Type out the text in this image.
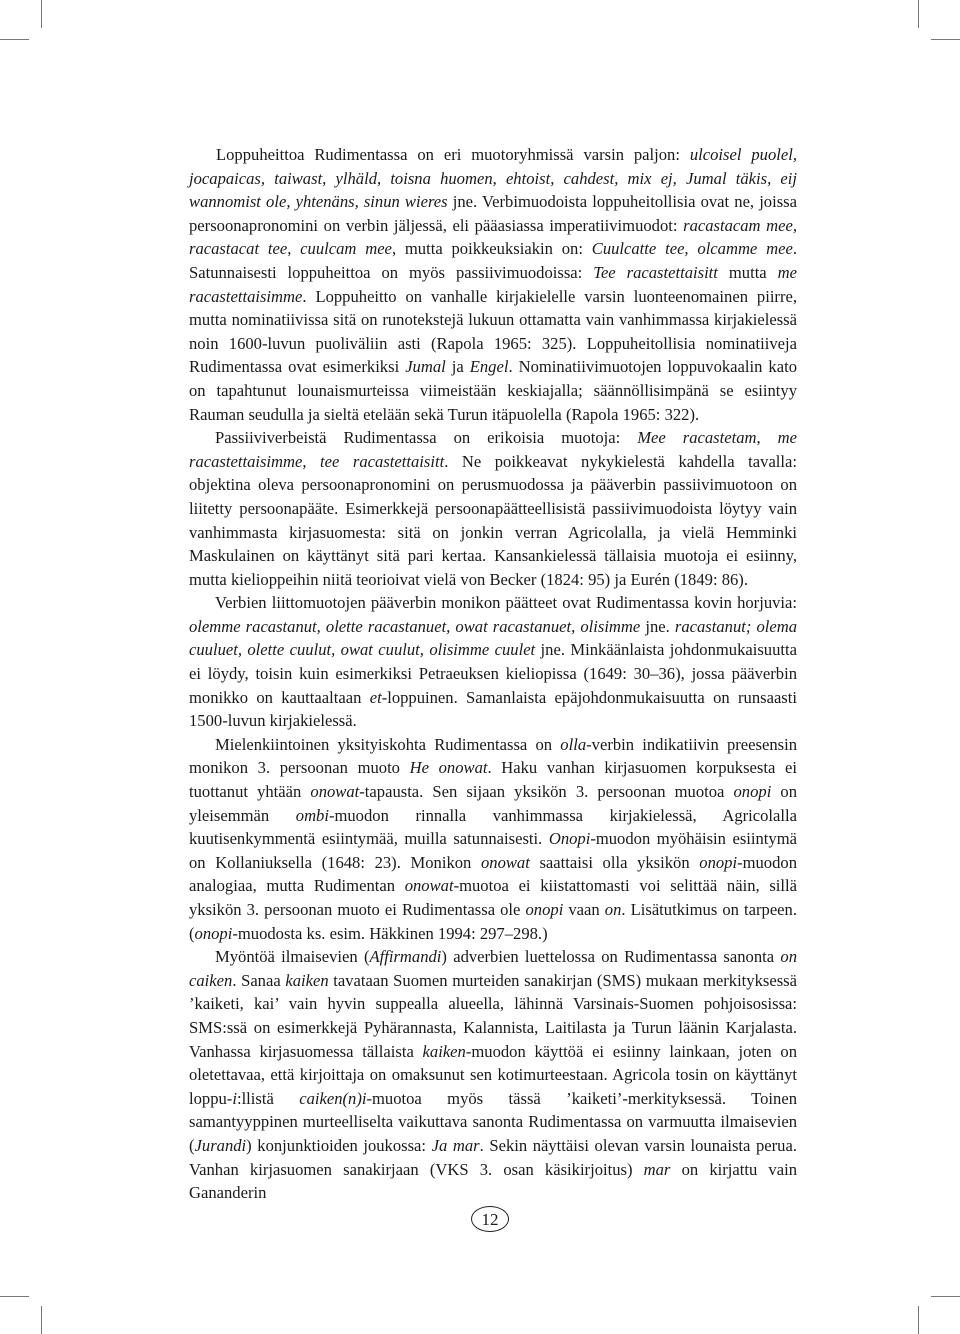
Loppuheittoa Rudimentassa on eri muotoryhmissä varsin paljon: ulcoisel puolel, jocapaicas, taiwast, ylhäld, toisna huomen, ehtoist, cahdest, mix ej, Jumal täkis, eij wannomist ole, yhtenäns, sinun wieres jne. Verbimuodoista loppuheitollisia ovat ne, joissa persoonapronomini on verbin jäljessä, eli pääasiassa imperatiivimuodot: racastacam mee, racastacat tee, cuulcam mee, mutta poikkeuksiakin on: Cuulcatte tee, olcamme mee. Satunnaisesti loppuheittoa on myös passiivimuodoissa: Tee racastettaisitt mutta me racastettaisimme. Loppuheitto on vanhalle kirjakielelle varsin luonteenomainen piirre, mutta nominatiivissa sitä on runotekstejä lukuun ottamatta vain vanhimmassa kirjakielessä noin 1600-luvun puoliväliin asti (Rapola 1965: 325). Loppuheitollisia nominatiiveja Rudimentassa ovat esimerkiksi Jumal ja Engel. Nominatiivimuotojen loppuvokaalin kato on tapahtunut lounaismurteissa viimeistään keskiajalla; säännöllisimpänä se esiintyy Rauman seudulla ja sieltä etelään sekä Turun itäpuolella (Rapola 1965: 322).

Passiiviverbeistä Rudimentassa on erikoisia muotoja: Mee racastetam, me racastettaisimme, tee racastettaisitt. Ne poikkeavat nykykielestä kahdella tavalla: objektina oleva persoonapronomini on perusmuodossa ja pääverbin passiivimuotoon on liitetty persoonapääte. Esimerkkejä persoonapäätteellisistä passiivimuodoista löytyy vain vanhimmasta kirjasuomesta: sitä on jonkin verran Agricolalla, ja vielä Hemminki Maskulainen on käyttänyt sitä pari kertaa. Kansankielessä tällaisia muotoja ei esiinny, mutta kielioppeihin niitä teorioivat vielä von Becker (1824: 95) ja Eurén (1849: 86).

Verbien liittomuotojen pääverbin monikon päätteet ovat Rudimentassa kovin horjuvia: olemme racastanut, olette racastanuet, owat racastanuet, olisimme jne. racastanut; olema cuuluet, olette cuulut, owat cuulut, olisimme cuulet jne. Minkäänlaista johdonmukaisuutta ei löydy, toisin kuin esimerkiksi Petraeuksen kieliopissa (1649: 30–36), jossa pääverbin monikko on kauttaaltaan et-loppuinen. Samanlaista epäjohdonmukaisuutta on runsaasti 1500-luvun kirjakielessä.

Mielenkiintoinen yksityiskohta Rudimentassa on olla-verbin indikatiivin preesensin monikon 3. persoonan muoto He onowat. Haku vanhan kirjasuomen korpuksesta ei tuottanut yhtään onowat-tapausta. Sen sijaan yksikön 3. persoonan muotoa onopi on yleisemmän ombi-muodon rinnalla vanhimmassa kirjakielessä, Agricolalla kuutisenkymmentä esiintymää, muilla satunnaisesti. Onopi-muodon myöhäisin esiintymä on Kollaniuksella (1648: 23). Monikon onowat saattaisi olla yksikön onopi-muodon analogiaa, mutta Rudimentan onowat-muotoa ei kiistattomasti voi selittää näin, sillä yksikön 3. persoonan muoto ei Rudimentassa ole onopi vaan on. Lisätutkimus on tarpeen. (onopi-muodosta ks. esim. Häkkinen 1994: 297–298.)

Myöntöä ilmaisevien (Affirmandi) adverbien luettelossa on Rudimentassa sanonta on caiken. Sanaa kaiken tavataan Suomen murteiden sanakirjan (SMS) mukaan merkityksessä ’kaiketi, kai’ vain hyvin suppealla alueella, lähinnä Varsinais-Suomen pohjoisosissa: SMS:ssä on esimerkkejä Pyhärannasta, Kalannista, Laitilasta ja Turun läänin Karjalasta. Vanhassa kirjasuomessa tällaista kaiken-muodon käyttöä ei esiinny lainkaan, joten on oletettavaa, että kirjoittaja on omaksunut sen kotimurteestaan. Agricola tosin on käyttänyt loppu-i:llistä caiken(n)i-muotoa myös tässä ’kaiketi’-merkityksessä. Toinen samantyyppinen murteelliselta vaikuttava sanonta Rudimentassa on varmuutta ilmaisevien (Jurandi) konjunktioiden joukossa: Ja mar. Sekin näyttäisi olevan varsin lounaista perua. Vanhan kirjasuomen sanakirjaan (VKS 3. osan käsikirjoitus) mar on kirjattu vain Gananderin

12
